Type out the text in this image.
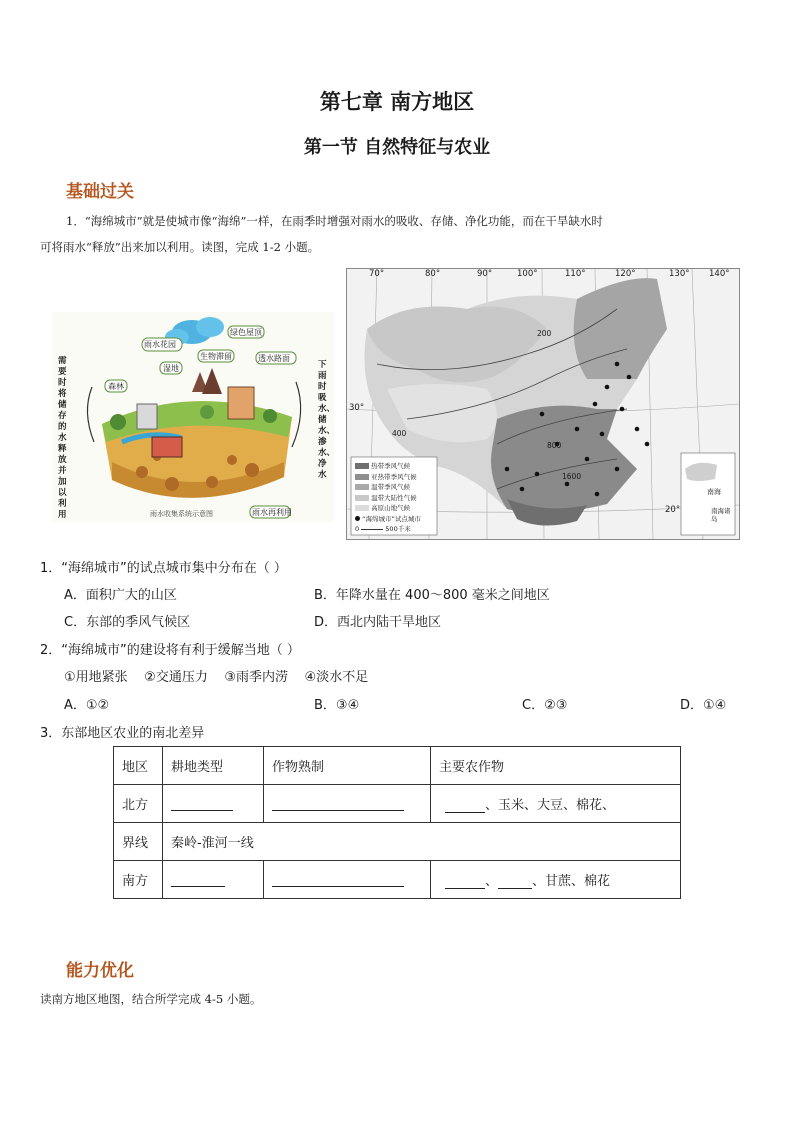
第七章 南方地区
第一节 自然特征与农业
基础过关
1．“海绵城市”就是使城市像“海绵”一样，在雨季时增强对雨水的吸收、存储、净化功能，而在干旱缺水时
可将雨水“释放”出来加以利用。读图，完成 1-2 小题。
雨水花园
绿色屋顶
生物滞留
湿地
森林
透水路面
雨水再利用
需要时将储存的水释放并加以利用
下雨时吸水、储水、渗水、净水
雨水收集系统示意图
70°	80°	90°	100°	110°	120°	130° 140°
30°
20°
200
400
800
1600
热带季风气候
亚热带季风气候
温带季风气候
温带大陆性气候
高原山地气候
“海绵城市”试点城市
0	500千米
南海
南海诸岛
1．“海绵城市”的试点城市集中分布在（ ）
A．面积广大的山区	B．年降水量在 400～800 毫米之间地区
C．东部的季风气候区	D．西北内陆干旱地区
2．“海绵城市”的建设将有利于缓解当地（ ）
①用地紧张    ②交通压力    ③雨季内涝    ④淡水不足
A．①②	B．③④	C．②③	D．①④
3．东部地区农业的南北差异
地区	耕地类型	作物熟制	主要农作物
北方			、玉米、大豆、棉花、
界线	秦岭-淮河一线		
南方			、 、甘蔗、棉花
能力优化
读南方地区地图，结合所学完成 4-5 小题。
